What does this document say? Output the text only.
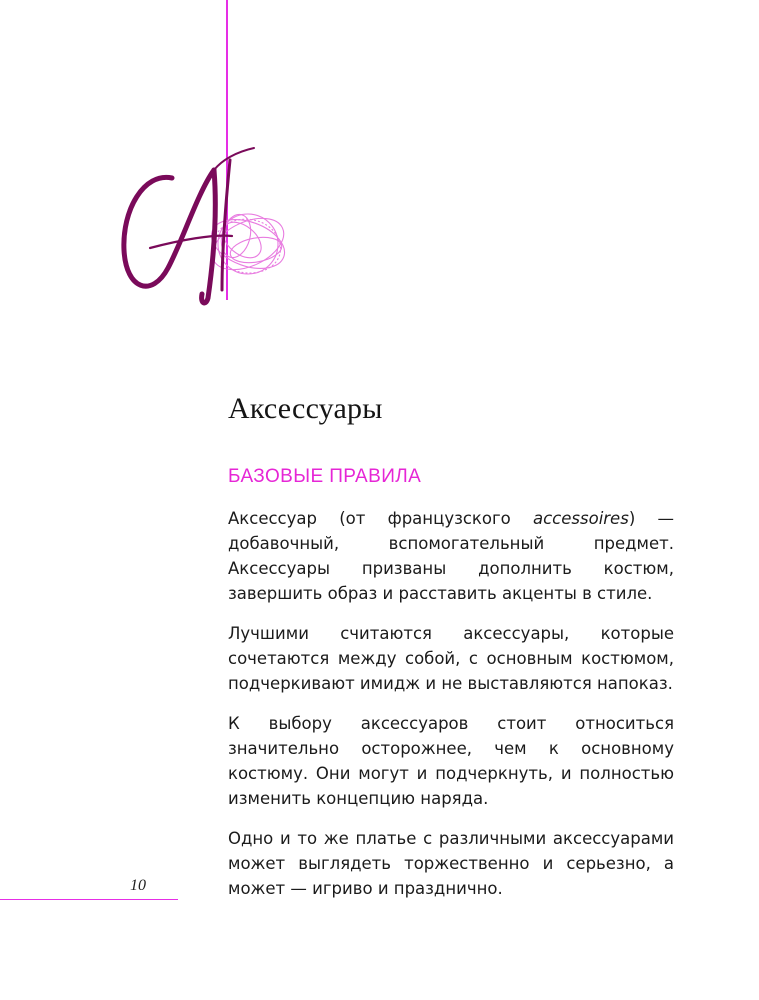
Аксессуары
БАЗОВЫЕ ПРАВИЛА

Аксессуар (от французского accessoires) — добавочный, вспомогательный предмет. Аксессуары призваны дополнить костюм, завершить образ и расставить акценты в стиле.

Лучшими считаются аксессуары, которые сочетаются между собой, с основным костюмом, подчеркивают имидж и не выставляются напоказ.

К выбору аксессуаров стоит относиться значительно осторожнее, чем к основному костюму. Они могут и подчеркнуть, и полностью изменить концепцию наряда.

Одно и то же платье с различными аксессуарами может выглядеть торжественно и серьезно, а может — игриво и празднично.

10
